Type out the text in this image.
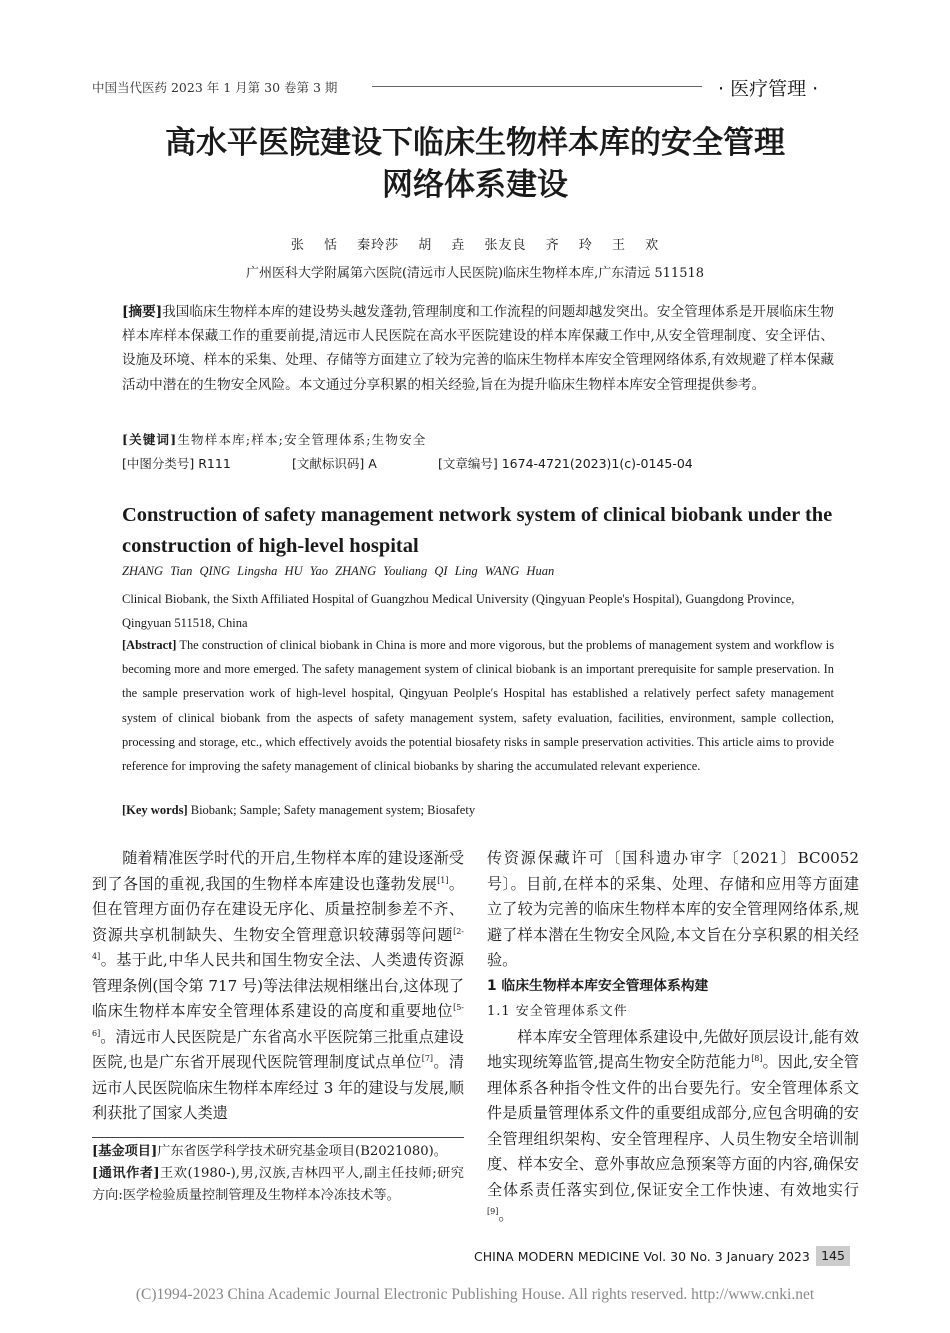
中国当代医药 2023 年 1 月第 30 卷第 3 期	· 医疗管理 ·
高水平医院建设下临床生物样本库的安全管理
网络体系建设
张 恬 秦玲莎 胡 垚 张友良 齐 玲 王 欢
广州医科大学附属第六医院(清远市人民医院)临床生物样本库,广东清远 511518
[摘要]我国临床生物样本库的建设势头越发蓬勃,管理制度和工作流程的问题却越发突出。安全管理体系是开展临床生物样本库样本保藏工作的重要前提,清远市人民医院在高水平医院建设的样本库保藏工作中,从安全管理制度、安全评估、设施及环境、样本的采集、处理、存储等方面建立了较为完善的临床生物样本库安全管理网络体系,有效规避了样本保藏活动中潜在的生物安全风险。本文通过分享积累的相关经验,旨在为提升临床生物样本库安全管理提供参考。
[关键词]生物样本库;样本;安全管理体系;生物安全
[中图分类号] R111	[文献标识码] A	[文章编号] 1674-4721(2023)1(c)-0145-04
Construction of safety management network system of clinical biobank under the construction of high-level hospital
ZHANG Tian QING Lingsha HU Yao ZHANG Youliang QI Ling WANG Huan
Clinical Biobank, the Sixth Affiliated Hospital of Guangzhou Medical University (Qingyuan People's Hospital), Guangdong Province, Qingyuan 511518, China
[Abstract] The construction of clinical biobank in China is more and more vigorous, but the problems of management system and workflow is becoming more and more emerged. The safety management system of clinical biobank is an important prerequisite for sample preservation. In the sample preservation work of high-level hospital, Qingyuan Peolple′s Hospital has established a relatively perfect safety management system of clinical biobank from the aspects of safety management system, safety evaluation, facilities, environment, sample collection, processing and storage, etc., which effectively avoids the potential biosafety risks in sample preservation activities. This article aims to provide reference for improving the safety management of clinical biobanks by sharing the accumulated relevant experience.
[Key words] Biobank; Sample; Safety management system; Biosafety

随着精准医学时代的开启,生物样本库的建设逐渐受到了各国的重视,我国的生物样本库建设也蓬勃发展[1]。但在管理方面仍存在建设无序化、质量控制参差不齐、资源共享机制缺失、生物安全管理意识较薄弱等问题[2-4]。基于此,中华人民共和国生物安全法、人类遗传资源管理条例(国令第 717 号)等法律法规相继出台,这体现了临床生物样本库安全管理体系建设的高度和重要地位[5-6]。清远市人民医院是广东省高水平医院第三批重点建设医院,也是广东省开展现代医院管理制度试点单位[7]。清远市人民医院临床生物样本库经过 3 年的建设与发展,顺利获批了国家人类遗

传资源保藏许可〔国科遗办审字〔2021〕BC0052 号〕。目前,在样本的采集、处理、存储和应用等方面建立了较为完善的临床生物样本库的安全管理网络体系,规避了样本潜在生物安全风险,本文旨在分享积累的相关经验。

1 临床生物样本库安全管理体系构建

1.1 安全管理体系文件

样本库安全管理体系建设中,先做好顶层设计,能有效地实现统筹监管,提高生物安全防范能力[8]。因此,安全管理体系各种指令性文件的出台要先行。安全管理体系文件是质量管理体系文件的重要组成部分,应包含明确的安全管理组织架构、安全管理程序、人员生物安全培训制度、样本安全、意外事故应急预案等方面的内容,确保安全体系责任落实到位,保证安全工作快速、有效地实行[9]。

[基金项目]广东省医学科学技术研究基金项目(B2021080)。

[通讯作者]王欢(1980-),男,汉族,吉林四平人,副主任技师;研究方向:医学检验质量控制管理及生物样本冷冻技术等。

CHINA MODERN MEDICINE Vol. 30 No. 3 January 2023 145
(C)1994-2023 China Academic Journal Electronic Publishing House. All rights reserved. http://www.cnki.net
